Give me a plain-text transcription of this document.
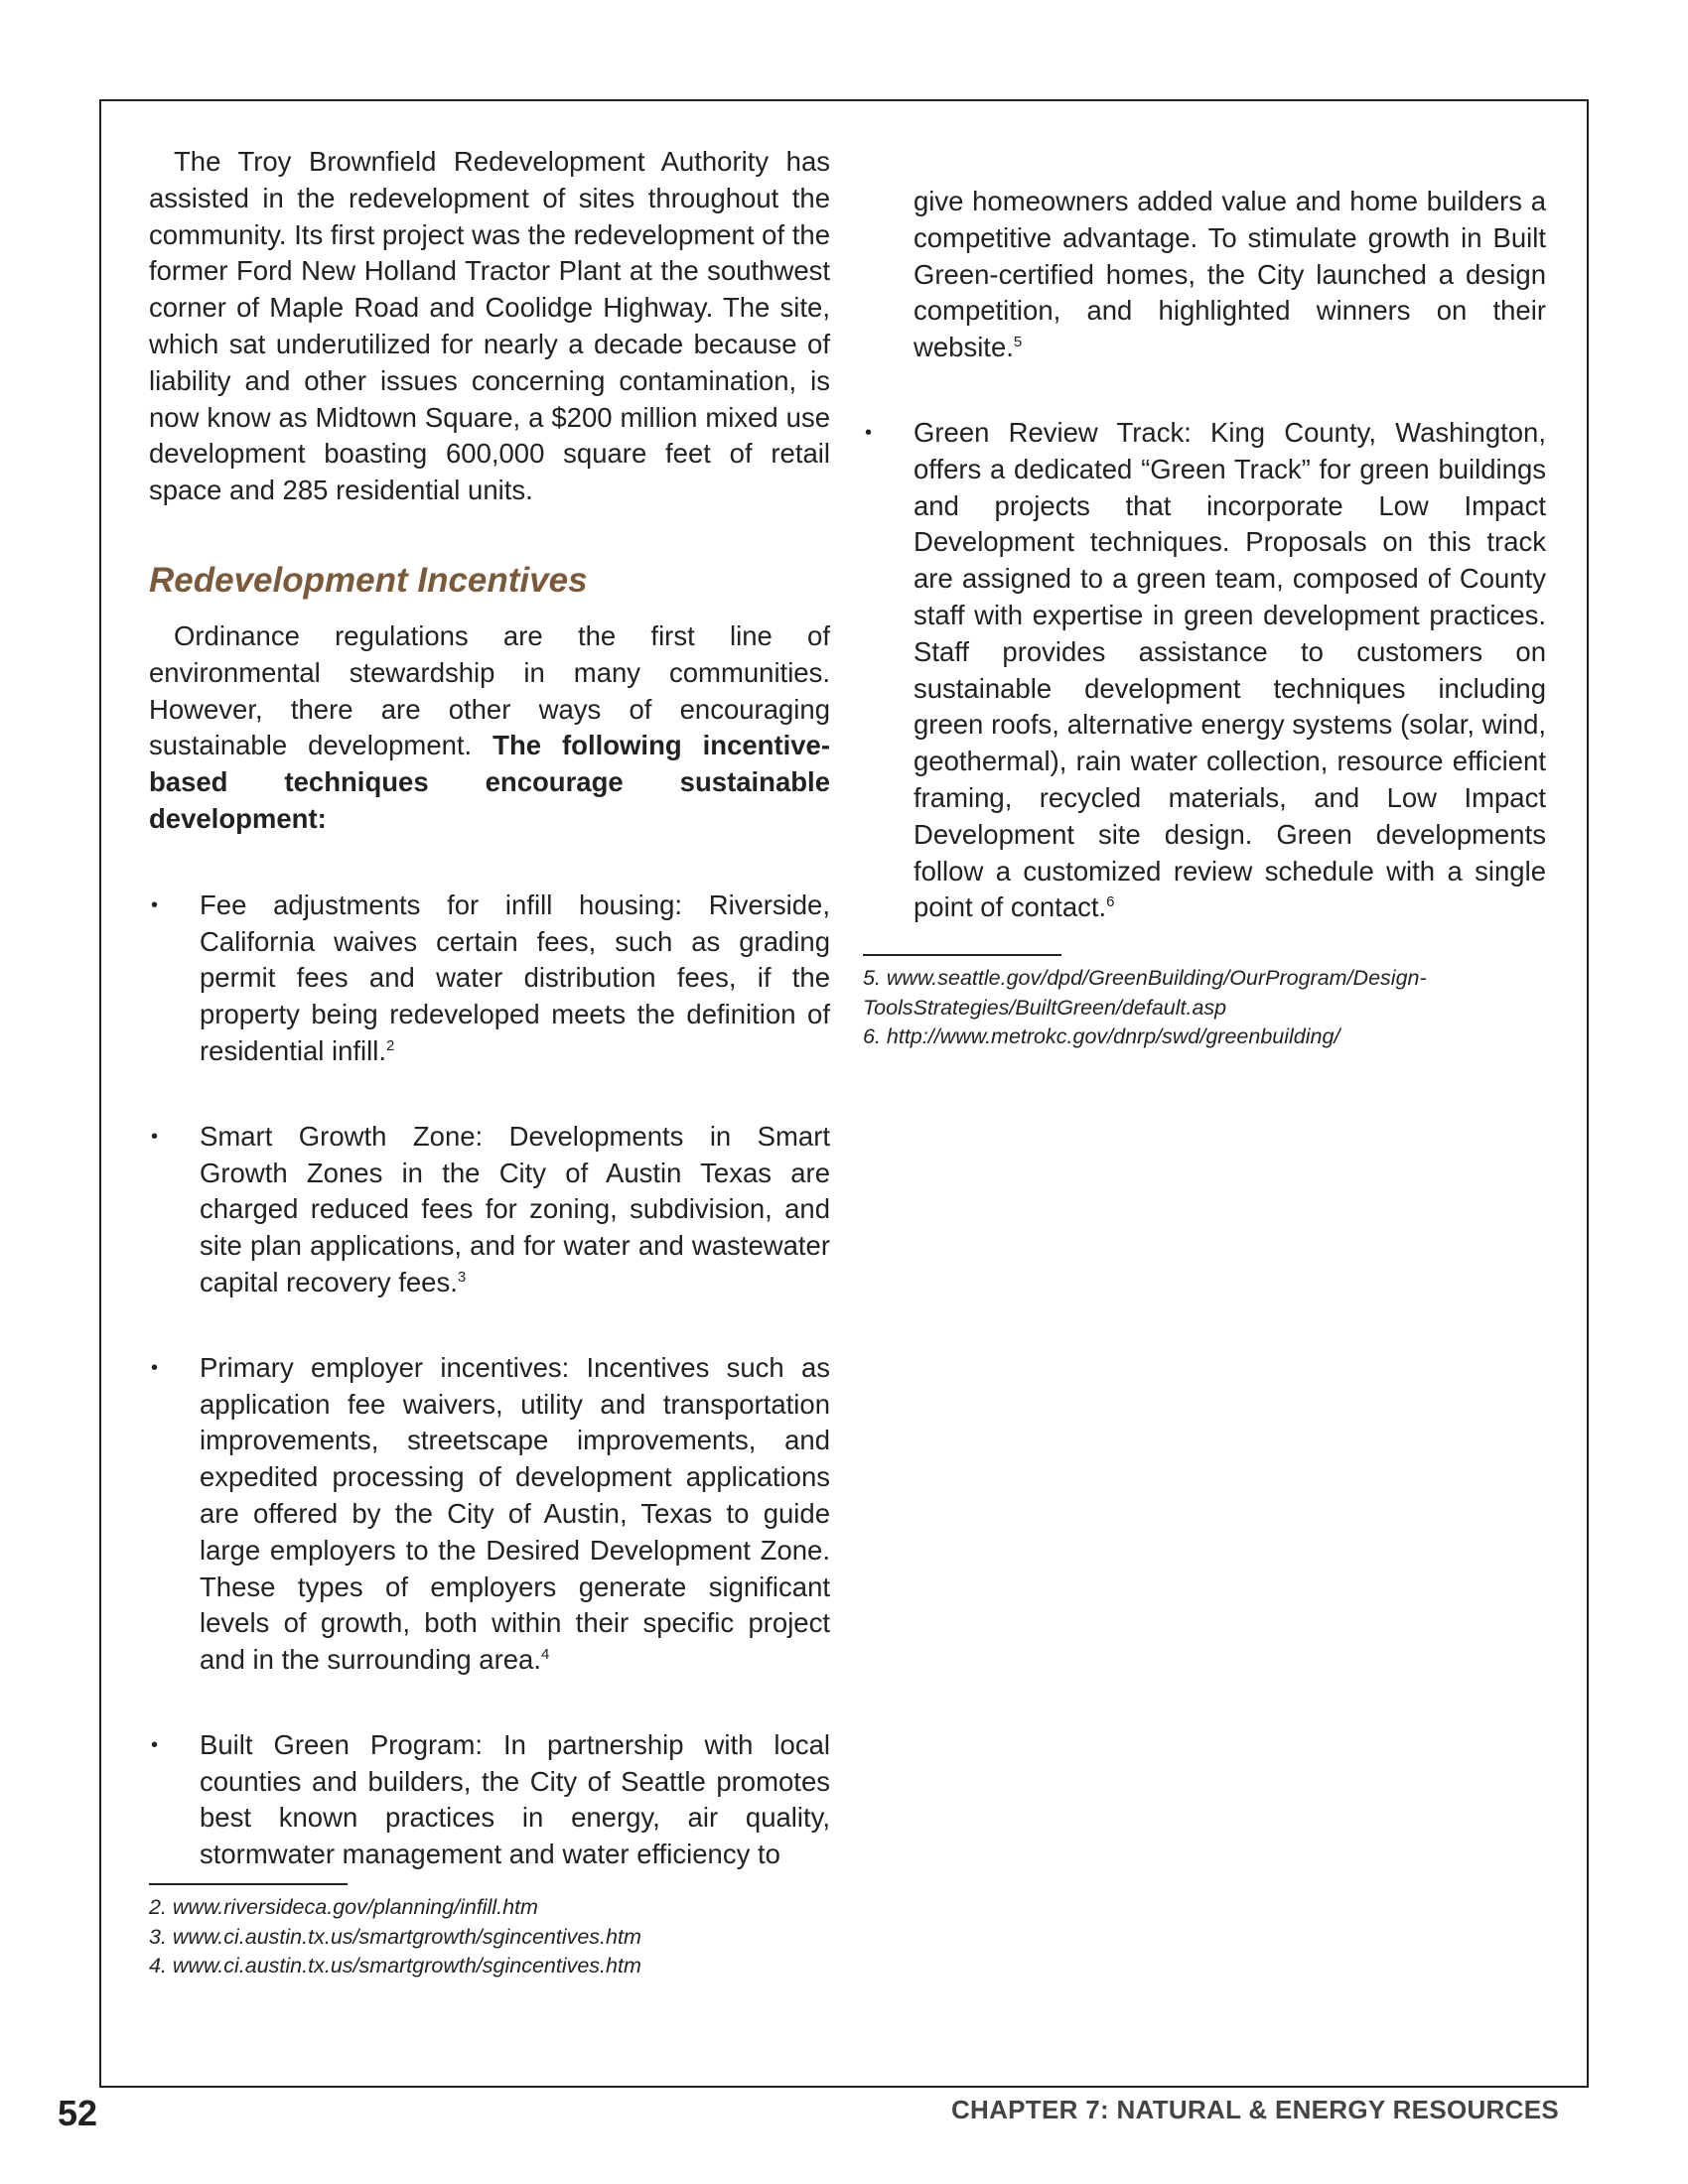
The Troy Brownfield Redevelopment Authority has assisted in the redevelopment of sites throughout the community. Its first project was the redevelopment of the former Ford New Holland Tractor Plant at the southwest corner of Maple Road and Coolidge Highway. The site, which sat underutilized for nearly a decade because of liability and other issues concerning contamination, is now know as Midtown Square, a $200 million mixed use development boasting 600,000 square feet of retail space and 285 residential units.

Redevelopment Incentives

Ordinance regulations are the first line of environmental stewardship in many communities. However, there are other ways of encouraging sustainable development. The following incentive-based techniques encourage sustainable development:

• Fee adjustments for infill housing: Riverside, California waives certain fees, such as grading permit fees and water distribution fees, if the property being redeveloped meets the definition of residential infill.$^2$
• Smart Growth Zone: Developments in Smart Growth Zones in the City of Austin Texas are charged reduced fees for zoning, subdivision, and site plan applications, and for water and wastewater capital recovery fees.$^3$
• Primary employer incentives: Incentives such as application fee waivers, utility and transportation improvements, streetscape improvements, and expedited processing of development applications are offered by the City of Austin, Texas to guide large employers to the Desired Development Zone. These types of employers generate significant levels of growth, both within their specific project and in the surrounding area.$^4$
• Built Green Program: In partnership with local counties and builders, the City of Seattle promotes best known practices in energy, air quality, stormwater management and water efficiency to
2. www.riversideca.gov/planning/infill.htm
3. www.ci.austin.tx.us/smartgrowth/sgincentives.htm
4. www.ci.austin.tx.us/smartgrowth/sgincentives.htm

give homeowners added value and home builders a competitive advantage. To stimulate growth in Built Green-certified homes, the City launched a design competition, and highlighted winners on their website.$^5$

• Green Review Track: King County, Washington, offers a dedicated “Green Track” for green buildings and projects that incorporate Low Impact Development techniques. Proposals on this track are assigned to a green team, composed of County staff with expertise in green development practices. Staff provides assistance to customers on sustainable development techniques including green roofs, alternative energy systems (solar, wind, geothermal), rain water collection, resource efficient framing, recycled materials, and Low Impact Development site design. Green developments follow a customized review schedule with a single point of contact.$^6$
5. www.seattle.gov/dpd/GreenBuilding/OurProgram/Design-
ToolsStrategies/BuiltGreen/default.asp
6. http://www.metrokc.gov/dnrp/swd/greenbuilding/
52	CHAPTER 7: NATURAL & ENERGY RESOURCES
